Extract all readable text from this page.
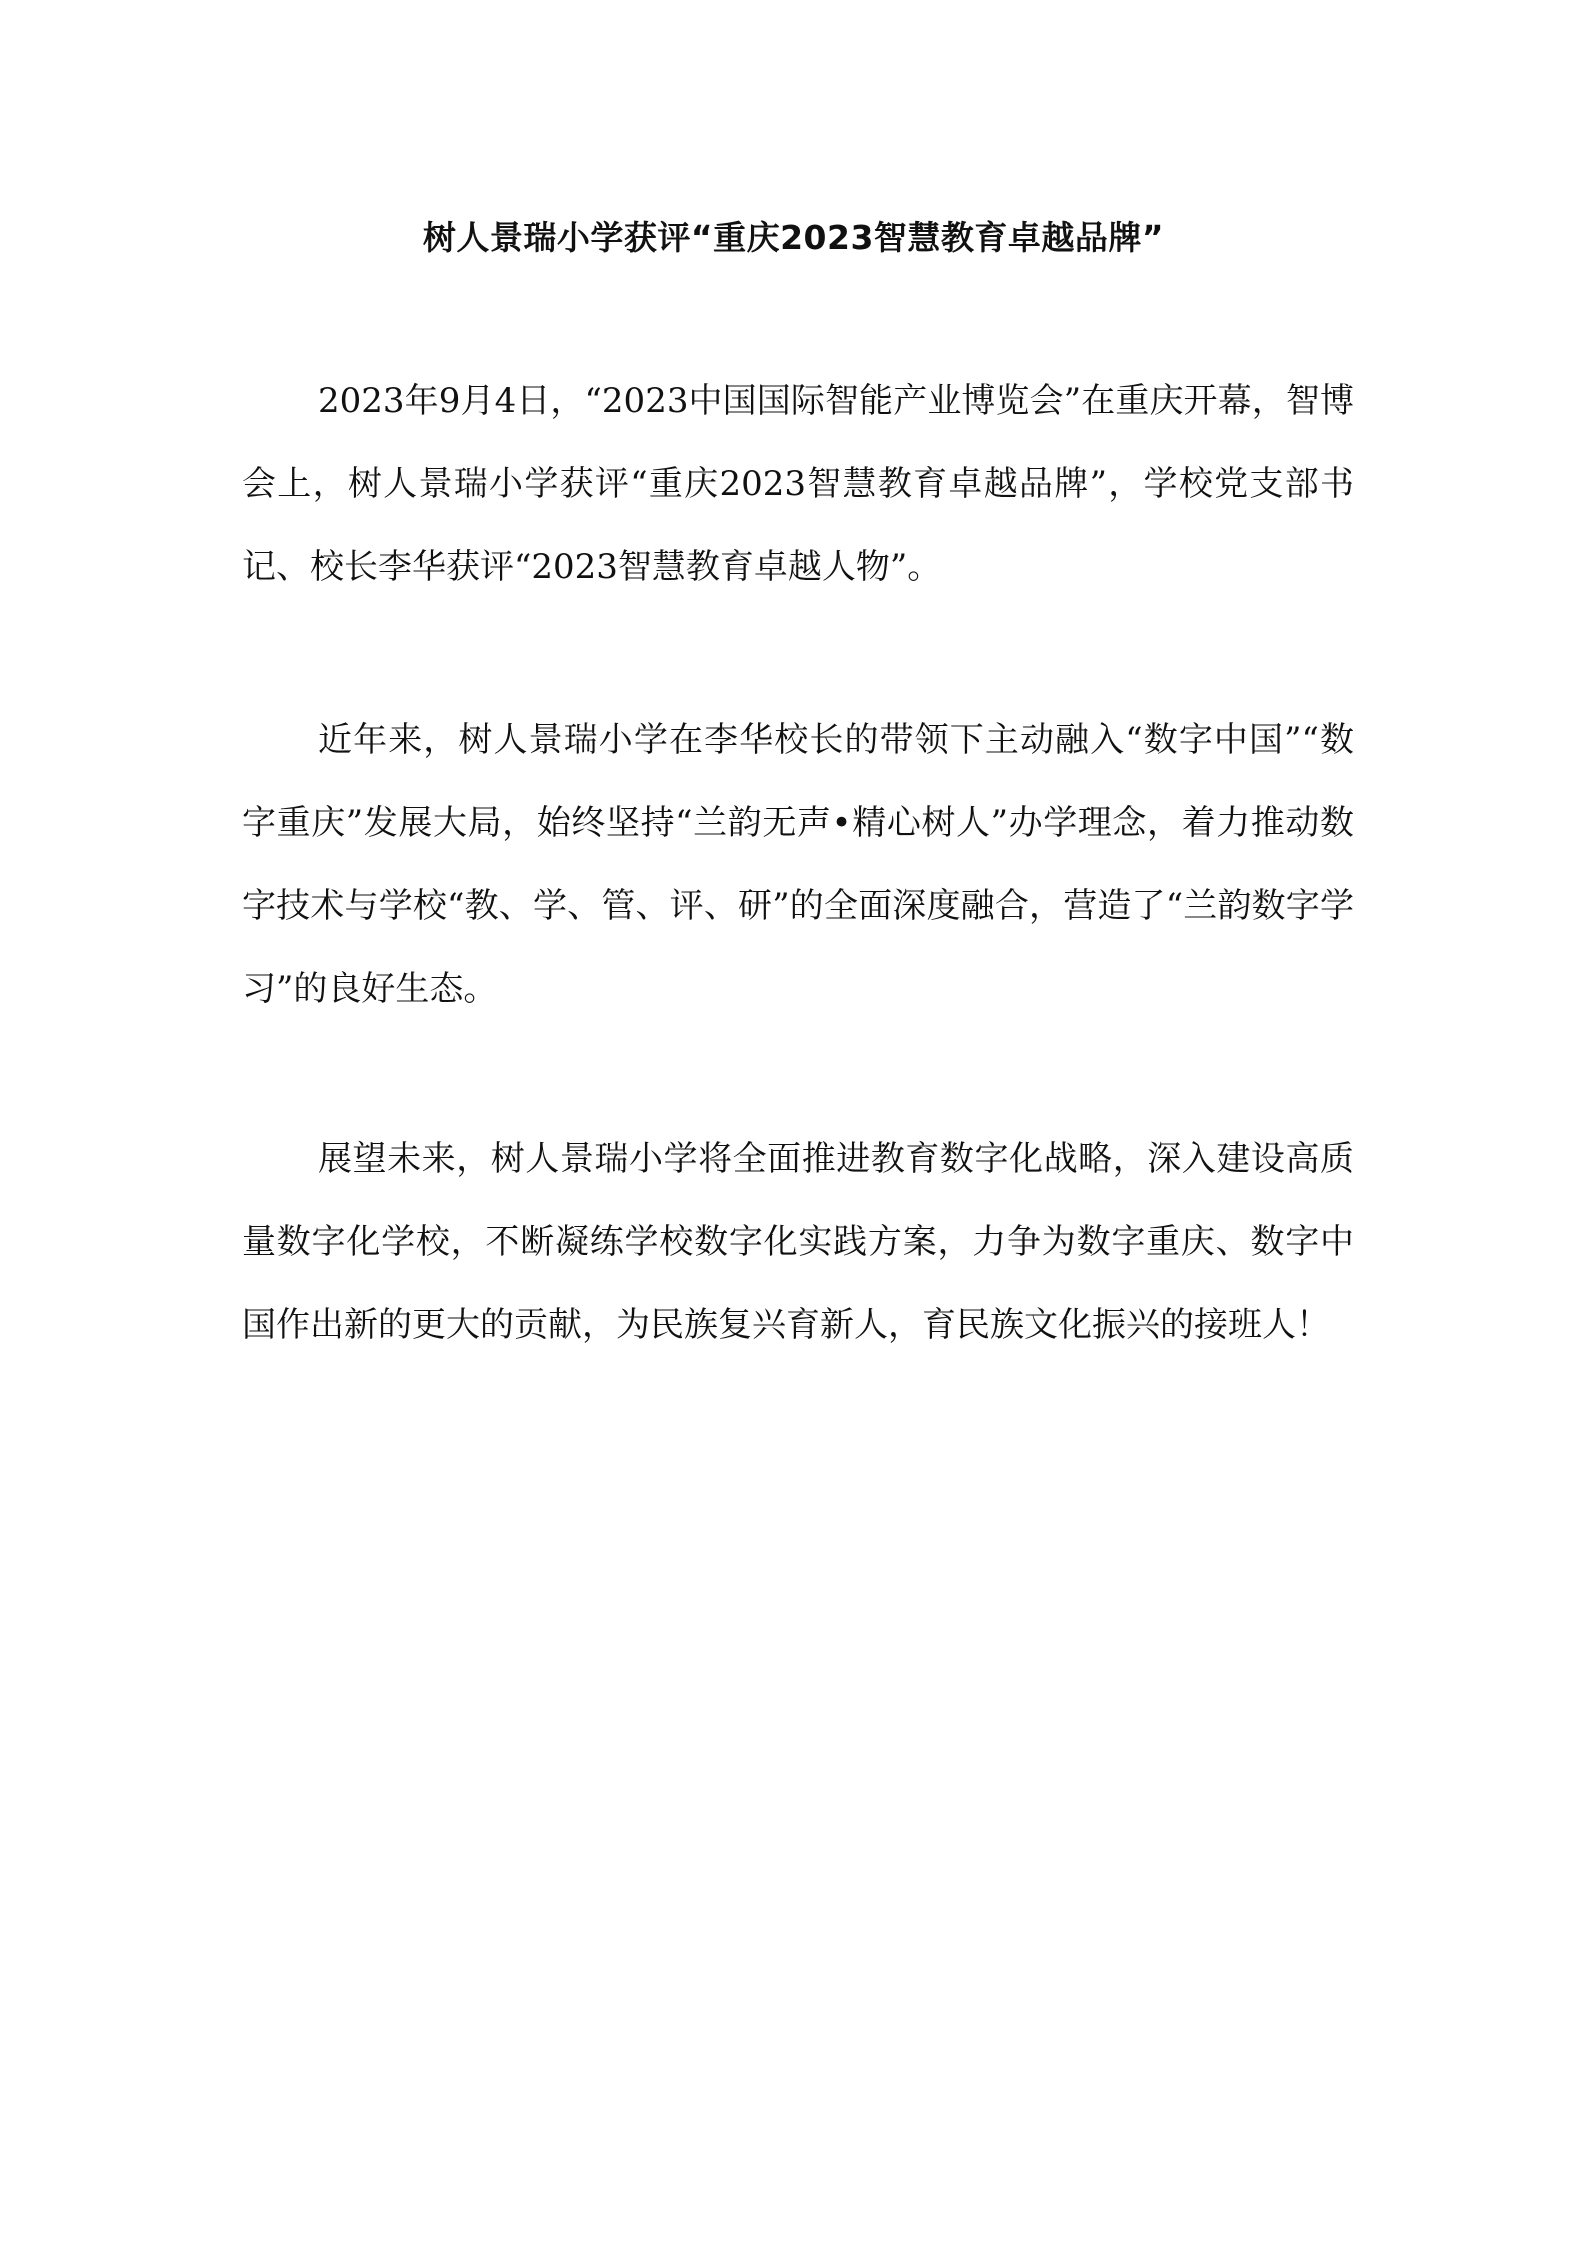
树人景瑞小学获评“重庆2023智慧教育卓越品牌”

2023年9月4日，“2023中国国际智能产业博览会”在重庆开幕，智博会上，树人景瑞小学获评“重庆2023智慧教育卓越品牌”，学校党支部书记、校长李华获评“2023智慧教育卓越人物”。

近年来，树人景瑞小学在李华校长的带领下主动融入“数字中国”“数字重庆”发展大局，始终坚持“兰韵无声•精心树人”办学理念，着力推动数字技术与学校“教、学、管、评、研”的全面深度融合，营造了“兰韵数字学习”的良好生态。

展望未来，树人景瑞小学将全面推进教育数字化战略，深入建设高质量数字化学校，不断凝练学校数字化实践方案，力争为数字重庆、数字中国作出新的更大的贡献，为民族复兴育新人，育民族文化振兴的接班人！
